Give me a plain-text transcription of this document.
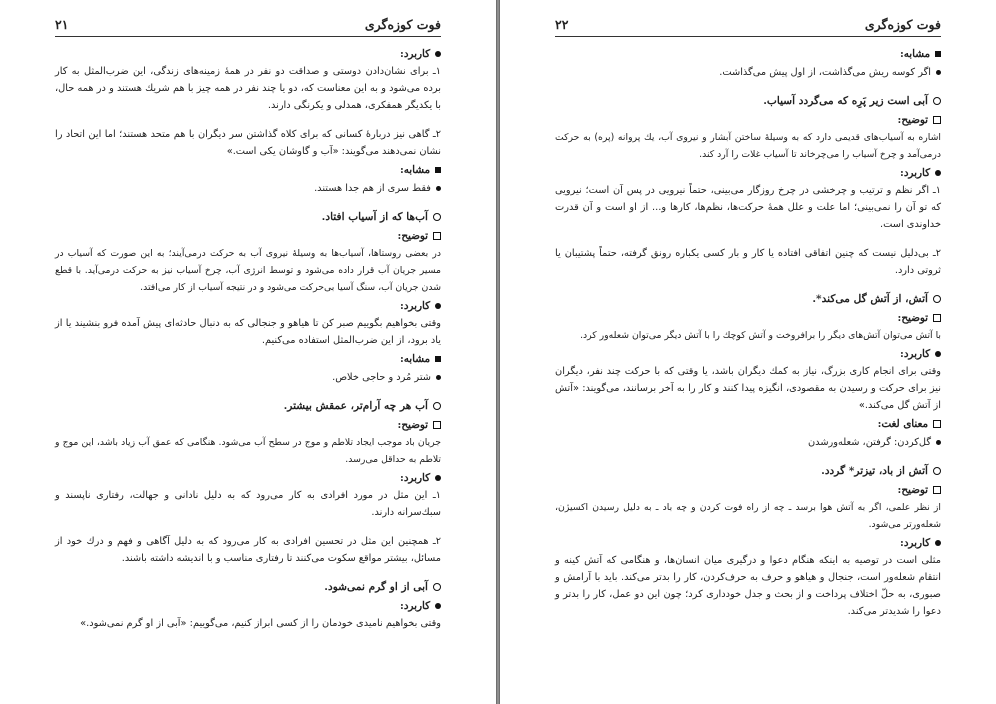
فوت كوزه‌گرى
۲۱
كاربرد:
۱ـ براى نشان‌دادن دوستى و صداقت دو نفر در همهٔ زمينه‌هاى زندگى، اين ضرب‌المثل به كار برده مى‌شود و به اين معناست كه، دو يا چند نفر در همه چيز با هم شريك هستند و در همه حال، با يكديگر همفكرى، همدلى و يكرنگى دارند.
۲ـ گاهى نيز دربارهٔ كسانى كه براى كلاه گذاشتن سر ديگران با هم متحد هستند؛ اما اين اتحاد را نشان نمى‌دهند مى‌گويند: «آب و گاوشان يكى است.»
مشابه:
فقط سرى از هم جدا هستند.
آب‌ها كه از آسياب افتاد.
توضيح:
در بعضى روستاها، آسياب‌ها به وسيلهٔ نيروى آب به حركت درمى‌آيند؛ به اين صورت كه آسياب در مسير جريان آب قرار داده مى‌شود و توسط انرژى آب، چرخ آسياب نيز به حركت درمى‌آيد. با قطع شدن جريان آب، سنگ آسيا بى‌حركت مى‌شود و در نتيجه آسياب از كار مى‌افتد.
كاربرد:
وقتى بخواهيم بگوييم صبر كن تا هياهو و جنجالى كه به دنبال حادثه‌اى پيش آمده فرو بنشيند يا از ياد برود، از اين ضرب‌المثل استفاده مى‌كنيم.
مشابه:
شتر مُرد و حاجى خلاص.
آب هر چه آرام‌تر، عمقش بيشتر.
توضيح:
جريان باد موجب ايجاد تلاطم و موج در سطح آب مى‌شود. هنگامى كه عمق آب زياد باشد، اين موج و تلاطم به حداقل مى‌رسد.
كاربرد:
۱ـ اين مثل در مورد افرادى به كار مى‌رود كه به دليل نادانى و جهالت، رفتارى ناپسند و سبك‌سرانه دارند.
۲ـ همچنين اين مثل در تحسين افرادى به كار مى‌رود كه به دليل آگاهى و فهم و درك خود از مسائل، بيشتر مواقع سكوت مى‌كنند تا رفتارى مناسب و با انديشه داشته باشند.
آبى از او گرم نمى‌شود.
كاربرد:
وقتى بخواهيم ناميدى خودمان را از كسى ابراز كنيم، مى‌گوييم: «آبى از او گرم نمى‌شود.»
فوت كوزه‌گرى
۲۲
مشابه:
اگر كوسه ريش مى‌گذاشت، از اول پيش مى‌گذاشت.
آبى است زير پَرِه كه مى‌گردد آسياب.
توضيح:
اشاره به آسياب‌هاى قديمى دارد كه به وسيلهٔ ساختن آبشار و نيروى آب، يك پروانه (پره) به حركت درمى‌آمد و چرخ آسياب را مى‌چرخاند تا آسياب غلات را آرد كند.
كاربرد:
۱ـ اگر نظم و ترتيب و چرخشى در چرخ روزگار مى‌بينى، حتماً نيرويى در پس آن است؛ نيرويى كه تو آن را نمى‌بينى؛ اما علت و علل همهٔ حركت‌ها، نظم‌ها، كارها و... از او است و آن قدرت خداوندى است.
۲ـ بى‌دليل نيست كه چنين اتفاقى افتاده يا كار و بار كسى يكباره رونق گرفته، حتماً پشتيبان يا ثروتى دارد.
آتش، از آتش گل مى‌كند*.
توضيح:
با آتش مى‌توان آتش‌هاى ديگر را برافروخت و آتش كوچك را با آتش ديگر مى‌توان شعله‌ور كرد.
كاربرد:
وقتى براى انجام كارى بزرگ، نياز به كمك ديگران باشد، يا وقتى كه با حركت چند نفر، ديگران نيز براى حركت و رسيدن به مقصودى، انگيزه پيدا كنند و كار را به آخر برسانند، مى‌گويند: «آتش از آتش گل مى‌كند.»
معناى لغت:
گل‌كردن: گرفتن، شعله‌ورشدن
آتش از باد، تيزتر* گردد.
توضيح:
از نظر علمى، اگر به آتش هوا برسد ـ چه از راه فوت كردن و چه باد ـ به دليل رسيدن اكسيژن، شعله‌ورتر مى‌شود.
كاربرد:
مثلى است در توصيه به اينكه هنگام دعوا و درگيرى ميان انسان‌ها، و هنگامى كه آتش كينه و انتقام شعله‌ور است، جنجال و هياهو و حرف به حرف‌كردن، كار را بدتر مى‌كند. بايد با آرامش و صبورى، به حلّ اختلاف پرداخت و از بحث و جدل خوددارى كرد؛ چون اين دو عمل، كار را بدتر و دعوا را شديدتر مى‌كند.
